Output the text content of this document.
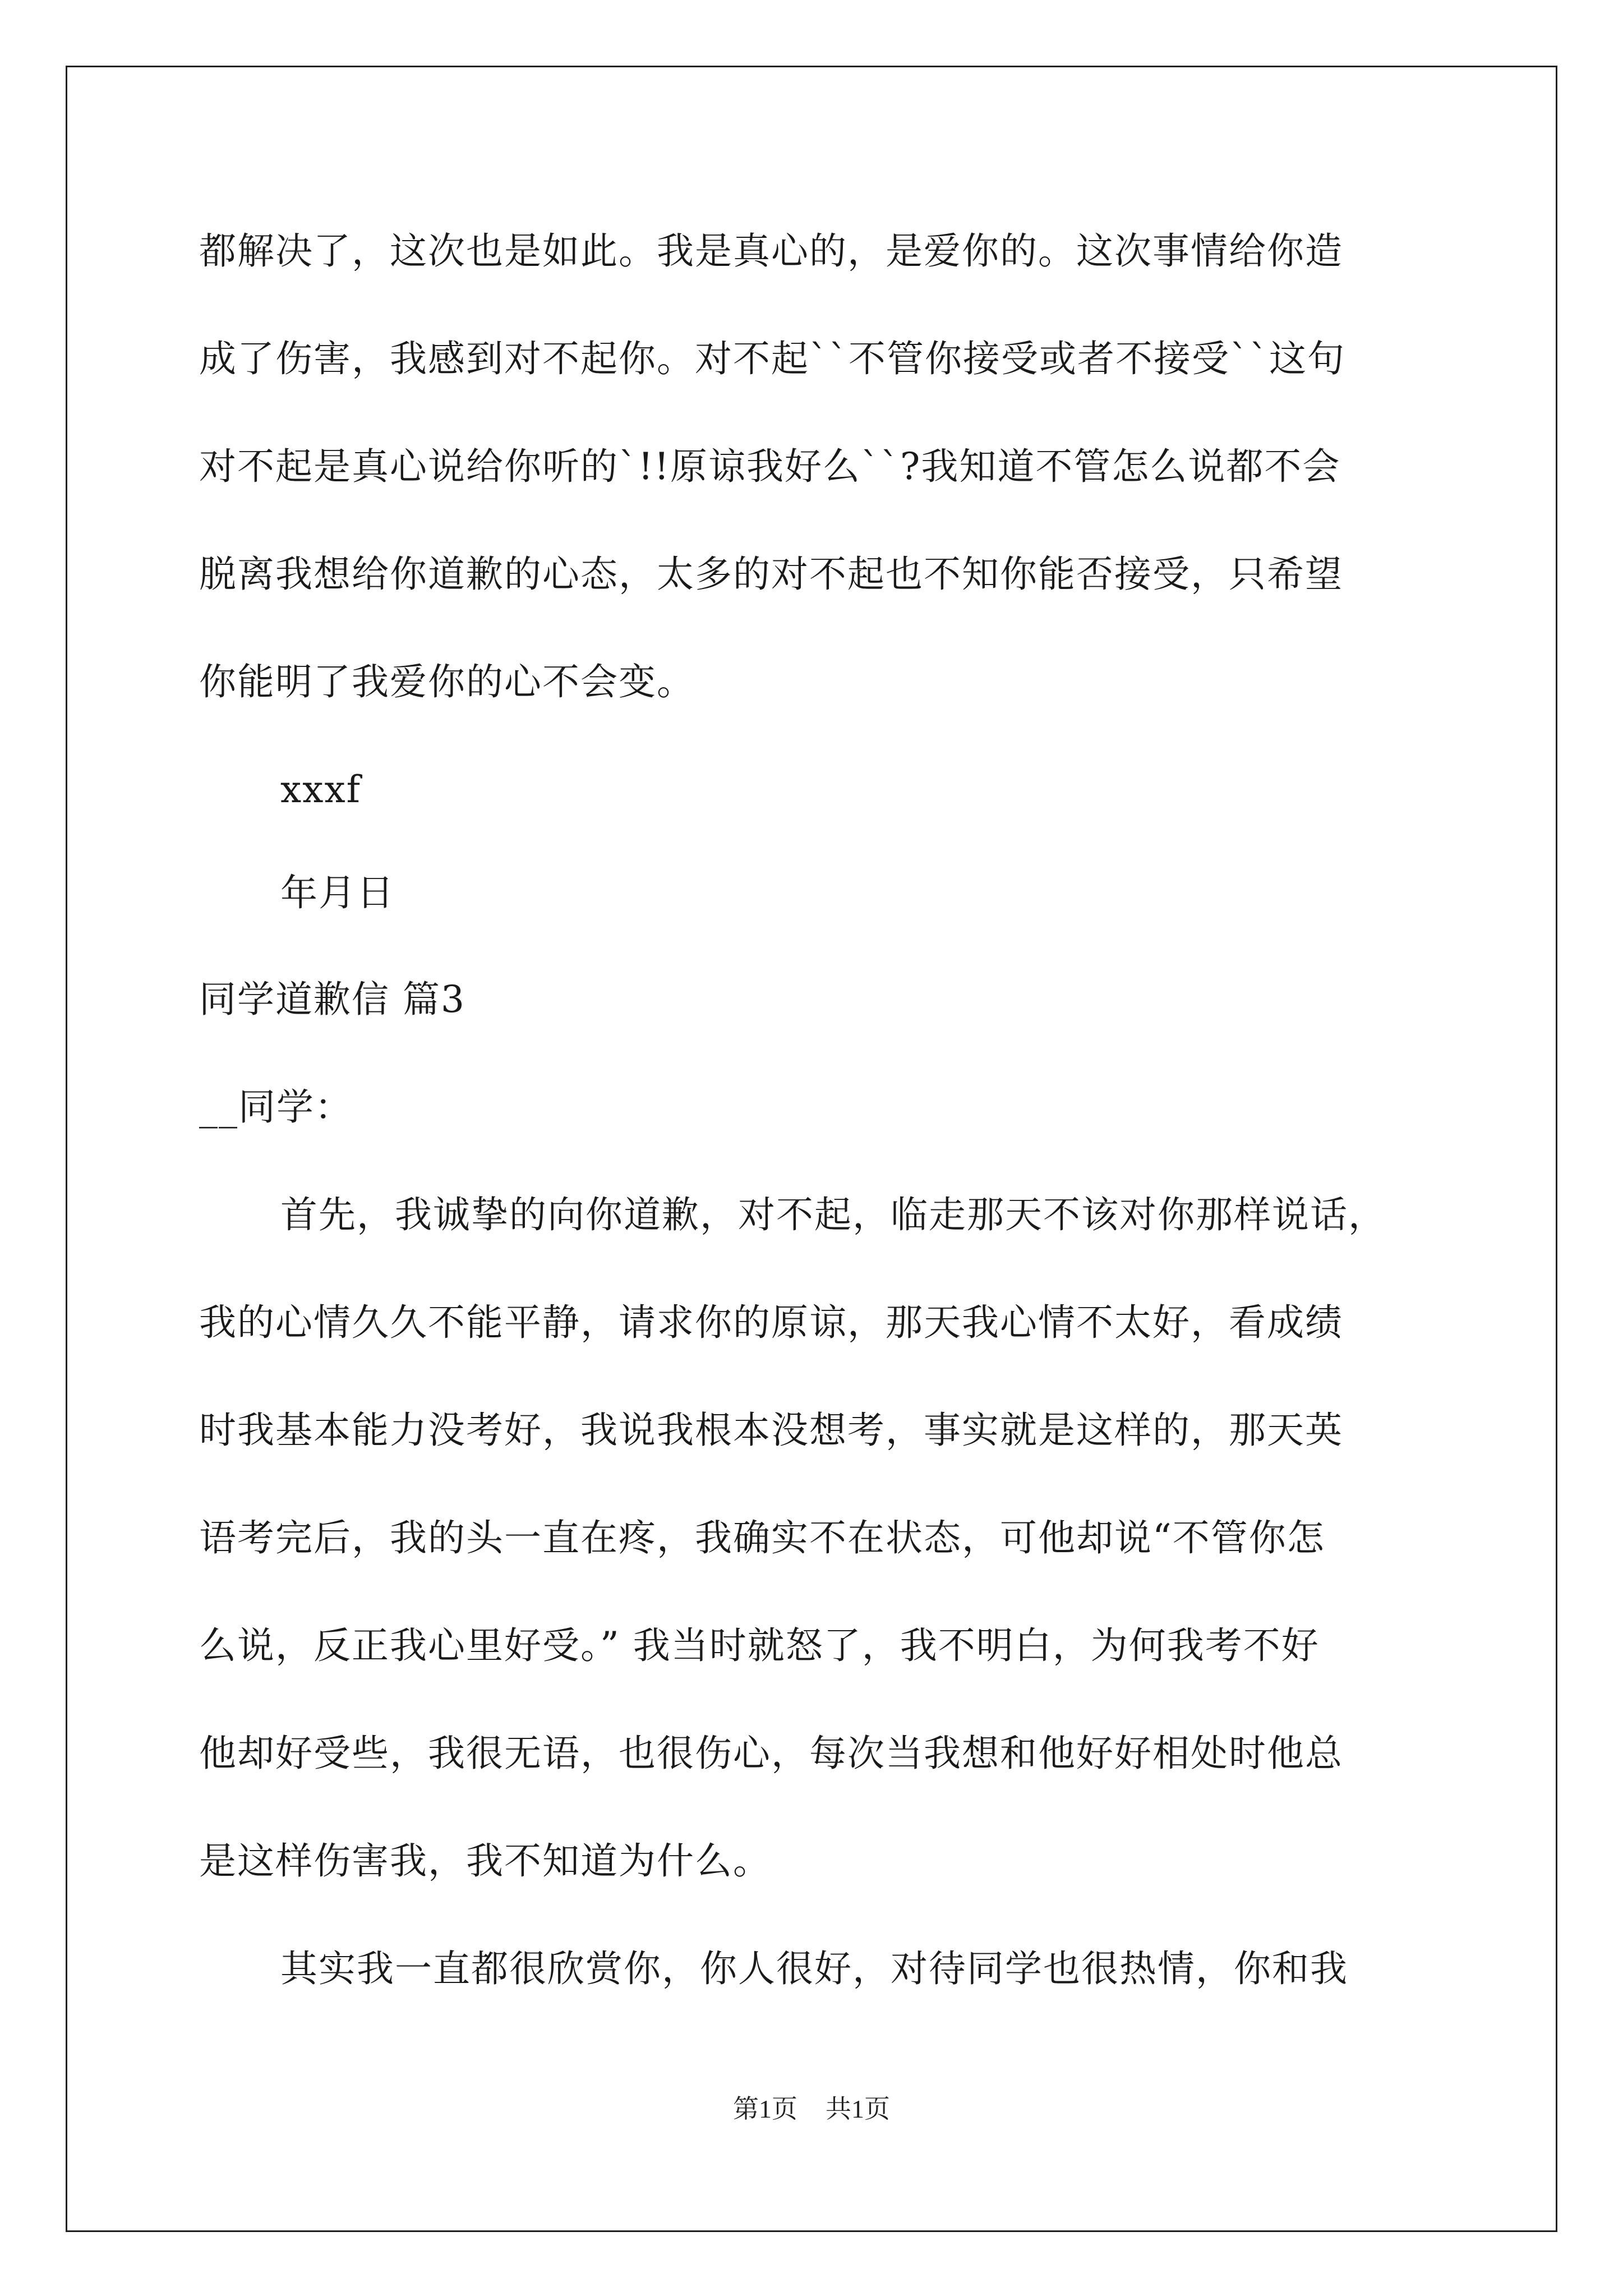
都解决了，这次也是如此。我是真心的，是爱你的。这次事情给你造
成了伤害，我感到对不起你。对不起``不管你接受或者不接受``这句
对不起是真心说给你听的`!!原谅我好么``?我知道不管怎么说都不会
脱离我想给你道歉的心态，太多的对不起也不知你能否接受，只希望
你能明了我爱你的心不会变。
xxxf
年月日
同学道歉信 篇3
__同学：
首先，我诚挚的向你道歉，对不起，临走那天不该对你那样说话，
我的心情久久不能平静，请求你的原谅，那天我心情不太好，看成绩
时我基本能力没考好，我说我根本没想考，事实就是这样的，那天英
语考完后，我的头一直在疼，我确实不在状态，可他却说“不管你怎
么说，反正我心里好受。” 我当时就怒了，我不明白，为何我考不好
他却好受些，我很无语，也很伤心，每次当我想和他好好相处时他总
是这样伤害我，我不知道为什么。
其实我一直都很欣赏你，你人很好，对待同学也很热情，你和我
第1页 共1页
